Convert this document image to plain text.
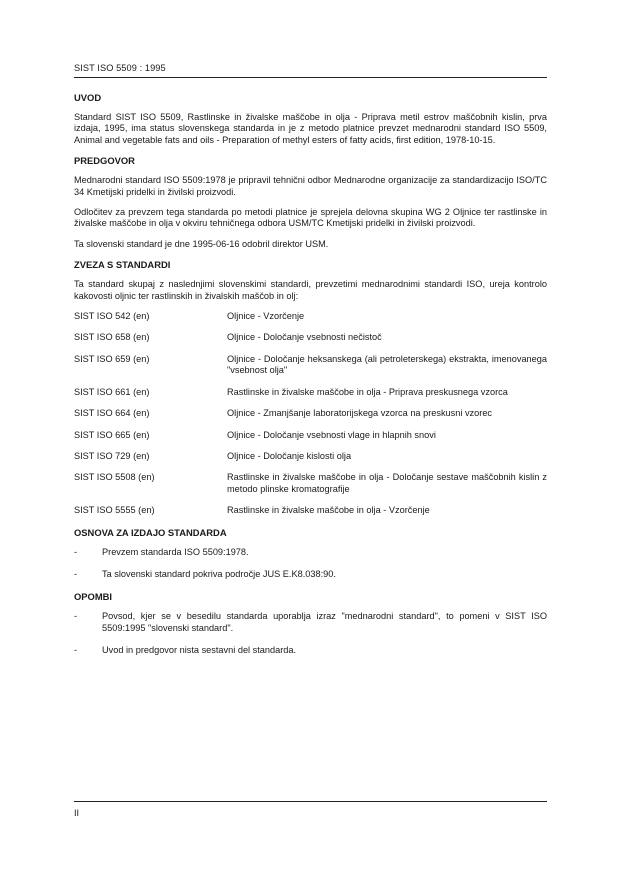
SIST ISO 5509 : 1995
UVOD

Standard SIST ISO 5509, Rastlinske in živalske maščobe in olja - Priprava metil estrov maščobnih kislin, prva izdaja, 1995, ima status slovenskega standarda in je z metodo platnice prevzet mednarodni standard ISO 5509, Animal and vegetable fats and oils - Preparation of methyl esters of fatty acids, first edition, 1978-10-15.

PREDGOVOR

Mednarodni standard ISO 5509:1978 je pripravil tehnični odbor Mednarodne organizacije za standardizacijo ISO/TC 34 Kmetijski pridelki in živilski proizvodi.

Odločitev za prevzem tega standarda po metodi platnice je sprejela delovna skupina WG 2 Oljnice ter rastlinske in živalske maščobe in olja v okviru tehničnega odbora USM/TC Kmetijski pridelki in živilski proizvodi.

Ta slovenski standard je dne 1995-06-16 odobril direktor USM.

ZVEZA S STANDARDI

Ta standard skupaj z naslednjimi slovenskimi standardi, prevzetimi mednarodnimi standardi ISO, ureja kontrolo kakovosti oljnic ter rastlinskih in živalskih maščob in olj:

SIST ISO 542 (en)	Oljnice - Vzorčenje
SIST ISO 658 (en)	Oljnice - Določanje vsebnosti nečistoč
SIST ISO 659 (en)	Oljnice - Določanje heksanskega (ali petroleterskega) ekstrakta, imenovanega "vsebnost olja"
SIST ISO 661 (en)	Rastlinske in živalske maščobe in olja - Priprava preskusnega vzorca
SIST ISO 664 (en)	Oljnice - Zmanjšanje laboratorijskega vzorca na preskusni vzorec
SIST ISO 665 (en)	Oljnice - Določanje vsebnosti vlage in hlapnih snovi
SIST ISO 729 (en)	Oljnice - Določanje kislosti olja
SIST ISO 5508 (en)	Rastlinske in živalske maščobe in olja - Določanje sestave maščobnih kislin z metodo plinske kromatografije
SIST ISO 5555 (en)	Rastlinske in živalske maščobe in olja - Vzorčenje
OSNOVA ZA IZDAJO STANDARDA
-	Prevzem standarda ISO 5509:1978.
-	Ta slovenski standard pokriva področje JUS E.K8.038:90.
OPOMBI
-	Povsod, kjer se v besedilu standarda uporablja izraz "mednarodni standard", to pomeni v SIST ISO 5509:1995 "slovenski standard".
-	Uvod in predgovor nista sestavni del standarda.
II
